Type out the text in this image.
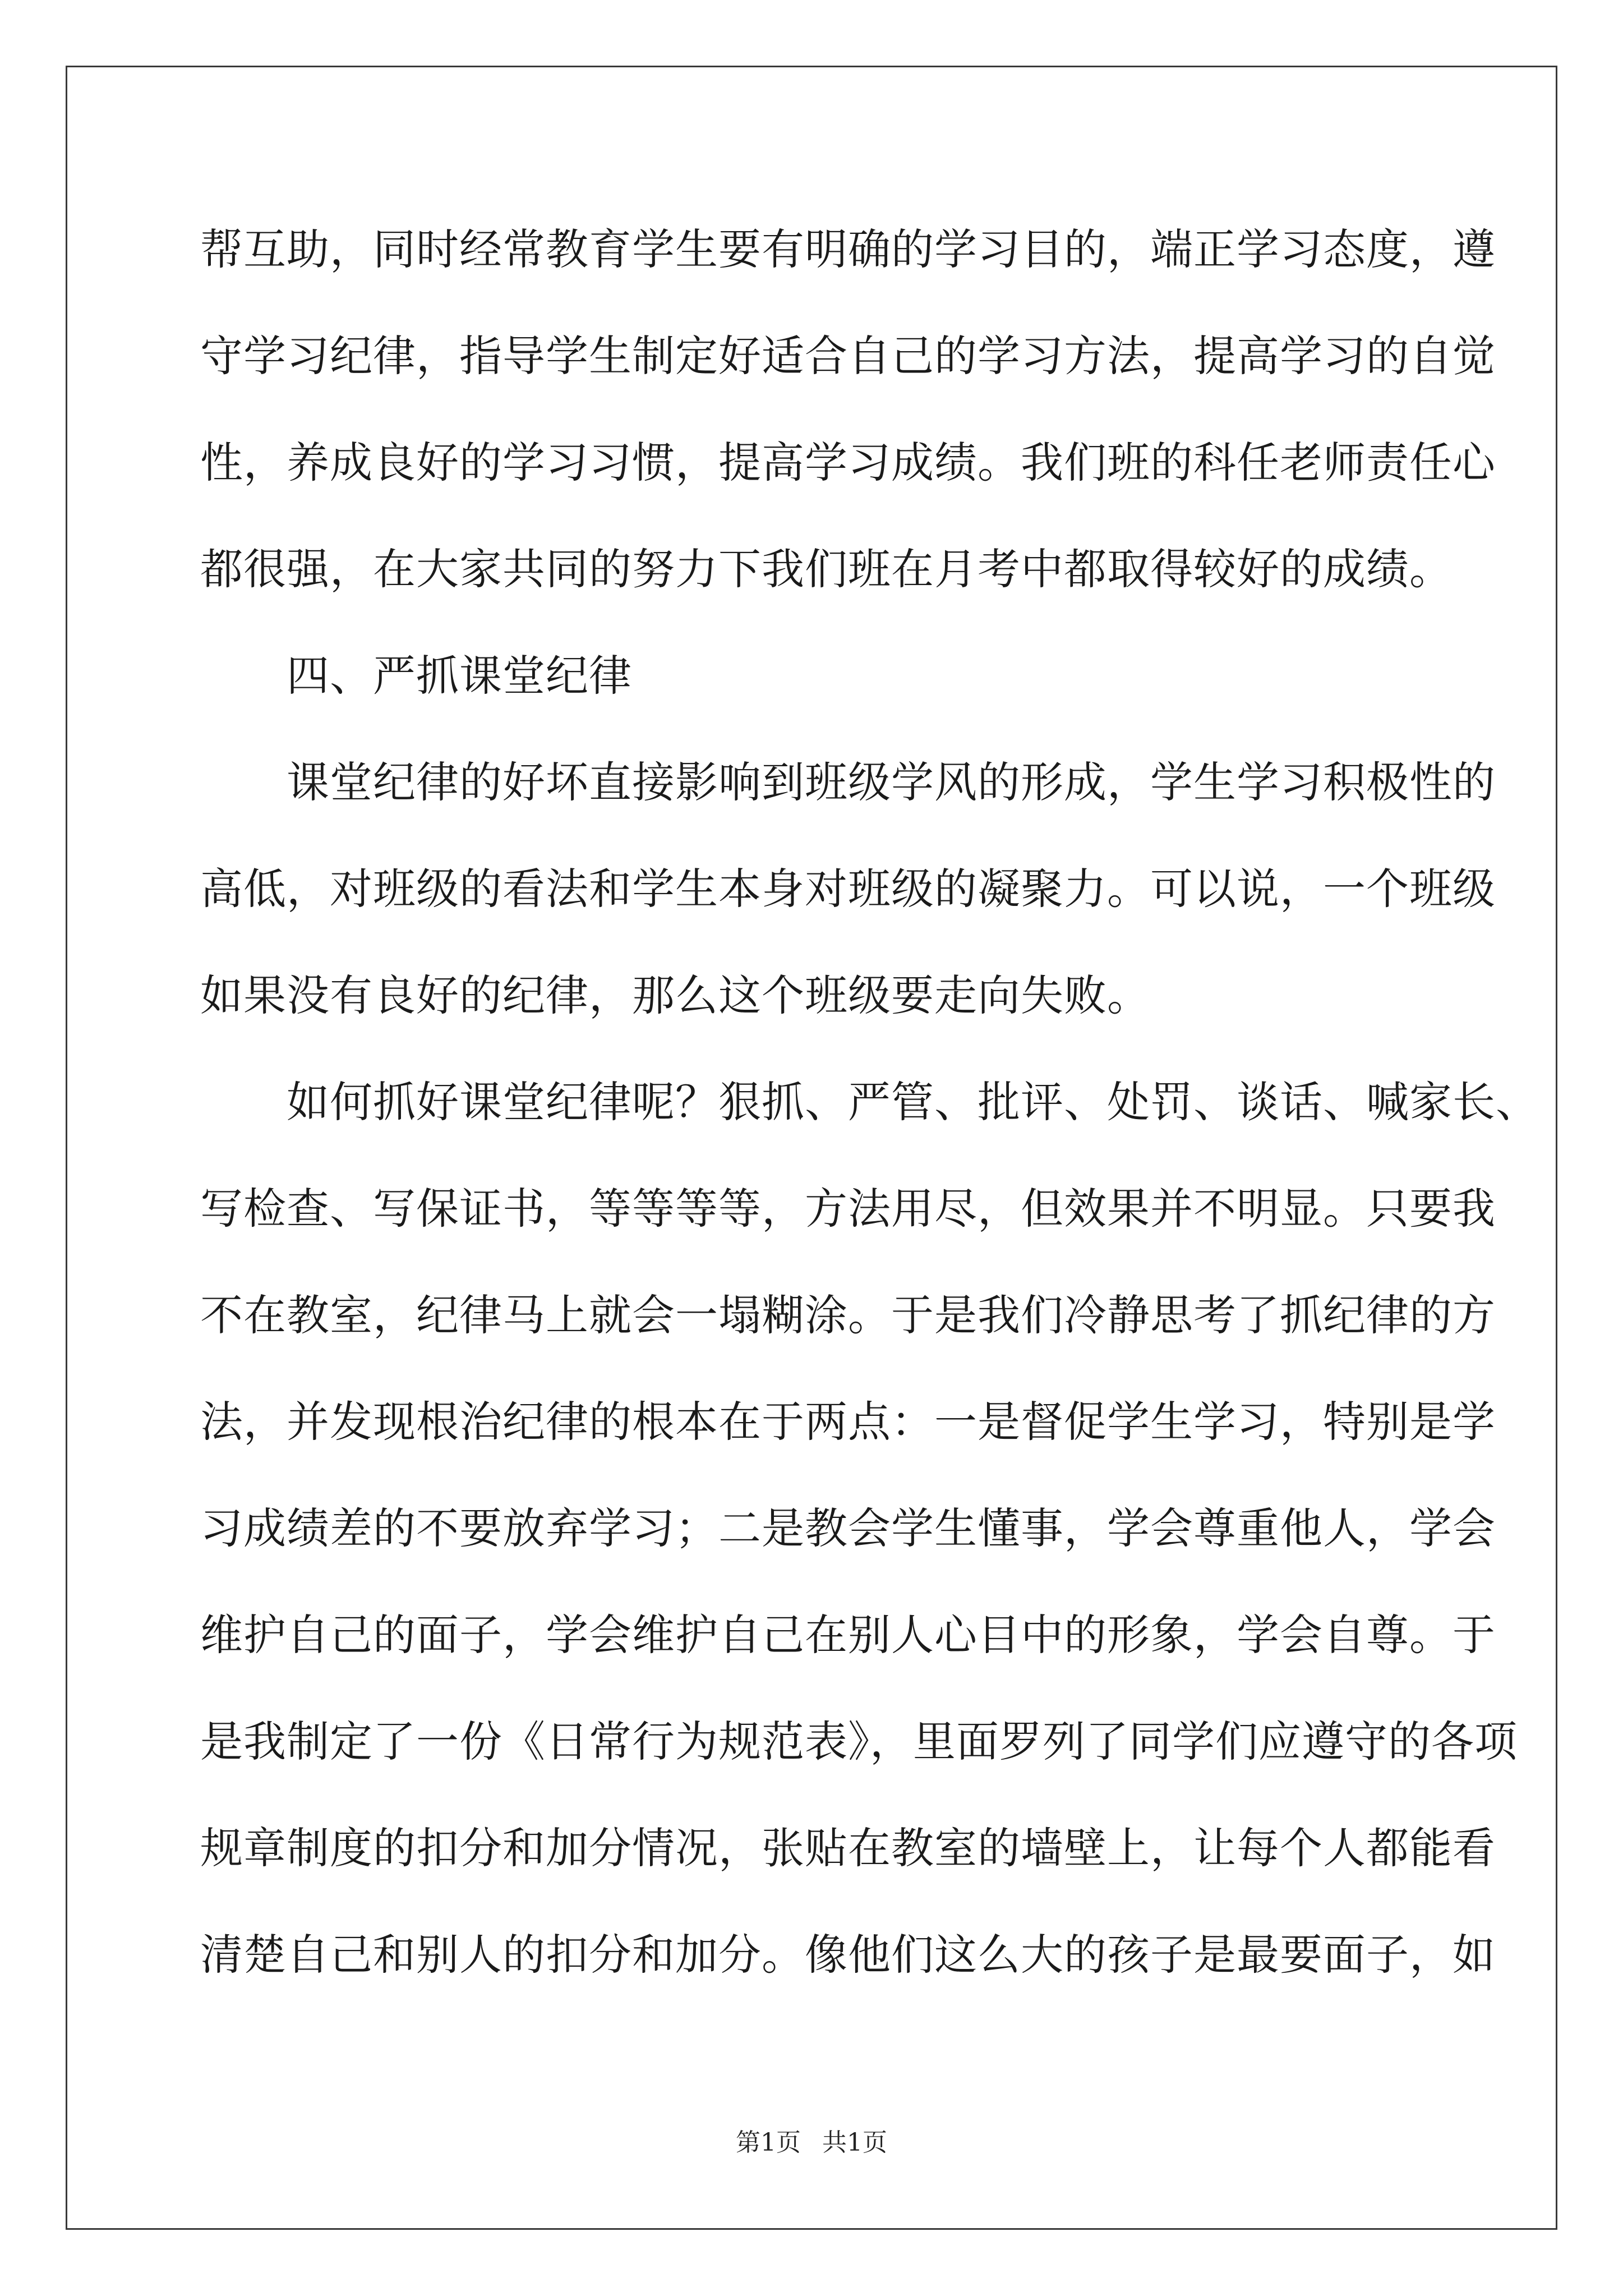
帮互助，同时经常教育学生要有明确的学习目的，端正学习态度，遵
守学习纪律，指导学生制定好适合自己的学习方法，提高学习的自觉
性，养成良好的学习习惯，提高学习成绩。我们班的科任老师责任心
都很强，在大家共同的努力下我们班在月考中都取得较好的成绩。
　　四、严抓课堂纪律
　　课堂纪律的好坏直接影响到班级学风的形成，学生学习积极性的
高低，对班级的看法和学生本身对班级的凝聚力。可以说，一个班级
如果没有良好的纪律，那么这个班级要走向失败。
　　如何抓好课堂纪律呢？狠抓、严管、批评、处罚、谈话、喊家长、
写检查、写保证书，等等等等，方法用尽，但效果并不明显。只要我
不在教室，纪律马上就会一塌糊涂。于是我们冷静思考了抓纪律的方
法，并发现根治纪律的根本在于两点：一是督促学生学习，特别是学
习成绩差的不要放弃学习；二是教会学生懂事，学会尊重他人，学会
维护自己的面子，学会维护自己在别人心目中的形象，学会自尊。于
是我制定了一份《日常行为规范表》，里面罗列了同学们应遵守的各项
规章制度的扣分和加分情况，张贴在教室的墙壁上，让每个人都能看
清楚自己和别人的扣分和加分。像他们这么大的孩子是最要面子，如
第1页 共1页
